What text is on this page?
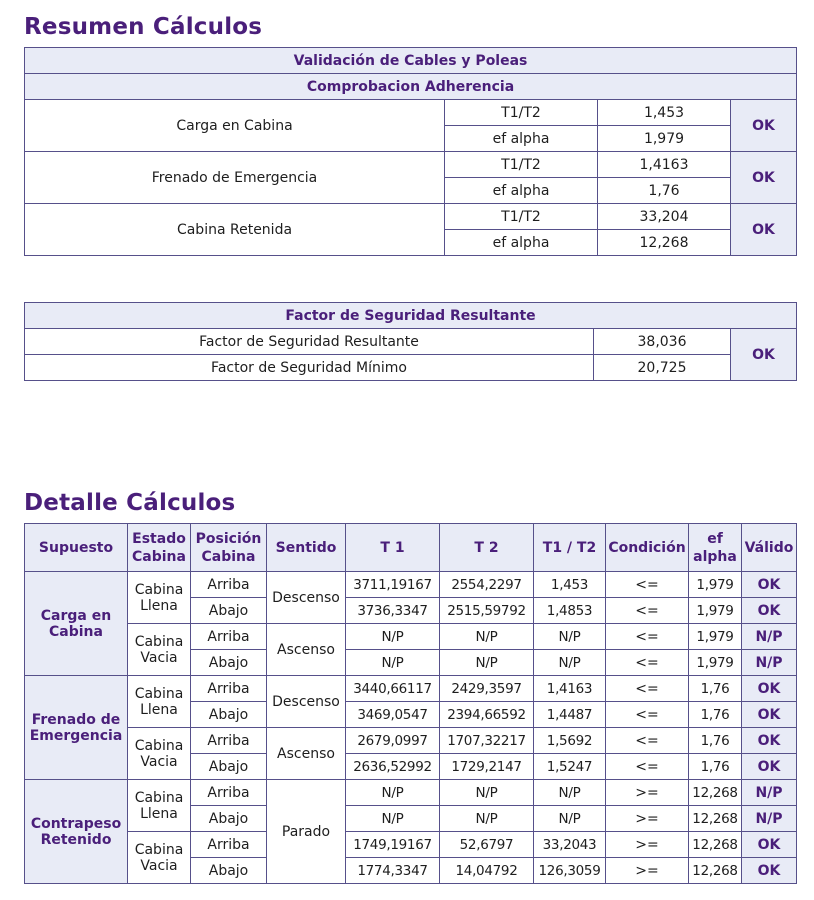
Resumen Cálculos
Validación de Cables y Poleas			
Comprobacion Adherencia			
Carga en Cabina	T1/T2	1,453	OK
	ef alpha	1,979	
Frenado de Emergencia	T1/T2	1,4163	OK
	ef alpha	1,76	
Cabina Retenida	T1/T2	33,204	OK
	ef alpha	12,268	
Factor de Seguridad Resultante		
Factor de Seguridad Resultante	38,036	OK
Factor de Seguridad Mínimo	20,725	
Detalle Cálculos
Supuesto	Estado Cabina	Posición Cabina	Sentido	T 1	T 2	T1 / T2	Condición	ef alpha	Válido
Carga en Cabina	Cabina Llena	Arriba	Descenso	3711,19167	2554,2297	1,453	<=	1,979	OK
		Abajo		3736,3347	2515,59792	1,4853	<=	1,979	OK
	Cabina Vacia	Arriba	Ascenso	N/P	N/P	N/P	<=	1,979	N/P
		Abajo		N/P	N/P	N/P	<=	1,979	N/P
Frenado de Emergencia	Cabina Llena	Arriba	Descenso	3440,66117	2429,3597	1,4163	<=	1,76	OK
		Abajo		3469,0547	2394,66592	1,4487	<=	1,76	OK
	Cabina Vacia	Arriba	Ascenso	2679,0997	1707,32217	1,5692	<=	1,76	OK
		Abajo		2636,52992	1729,2147	1,5247	<=	1,76	OK
Contrapeso Retenido	Cabina Llena	Arriba	Parado	N/P	N/P	N/P	>=	12,268	N/P
		Abajo		N/P	N/P	N/P	>=	12,268	N/P
	Cabina Vacia	Arriba		1749,19167	52,6797	33,2043	>=	12,268	OK
		Abajo		1774,3347	14,04792	126,3059	>=	12,268	OK
